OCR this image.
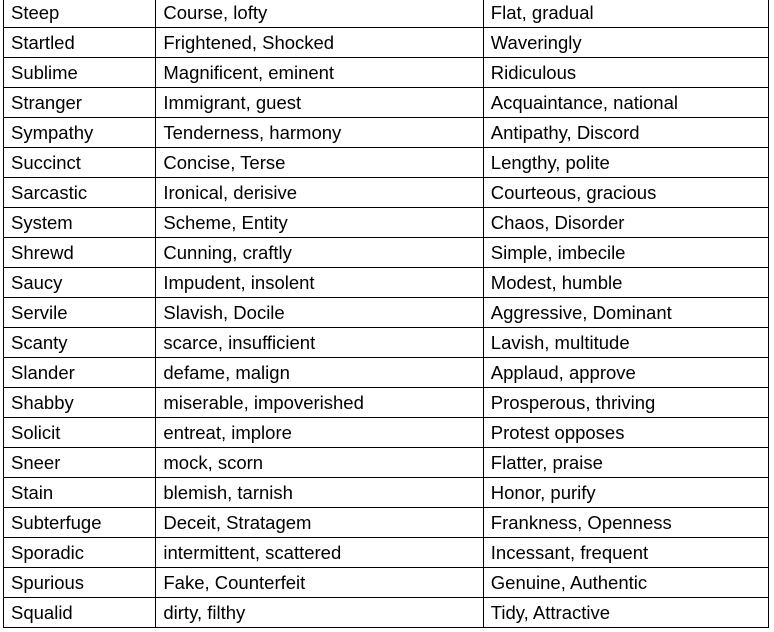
Steep	Course, lofty	Flat, gradual
Startled	Frightened, Shocked	Waveringly
Sublime	Magnificent, eminent	Ridiculous
Stranger	Immigrant, guest	Acquaintance, national
Sympathy	Tenderness, harmony	Antipathy, Discord
Succinct	Concise, Terse	Lengthy, polite
Sarcastic	Ironical, derisive	Courteous, gracious
System	Scheme, Entity	Chaos, Disorder
Shrewd	Cunning, craftly	Simple, imbecile
Saucy	Impudent, insolent	Modest, humble
Servile	Slavish, Docile	Aggressive, Dominant
Scanty	scarce, insufficient	Lavish, multitude
Slander	defame, malign	Applaud, approve
Shabby	miserable, impoverished	Prosperous, thriving
Solicit	entreat, implore	Protest opposes
Sneer	mock, scorn	Flatter, praise
Stain	blemish, tarnish	Honor, purify
Subterfuge	Deceit, Stratagem	Frankness, Openness
Sporadic	intermittent, scattered	Incessant, frequent
Spurious	Fake, Counterfeit	Genuine, Authentic
Squalid	dirty, filthy	Tidy, Attractive
